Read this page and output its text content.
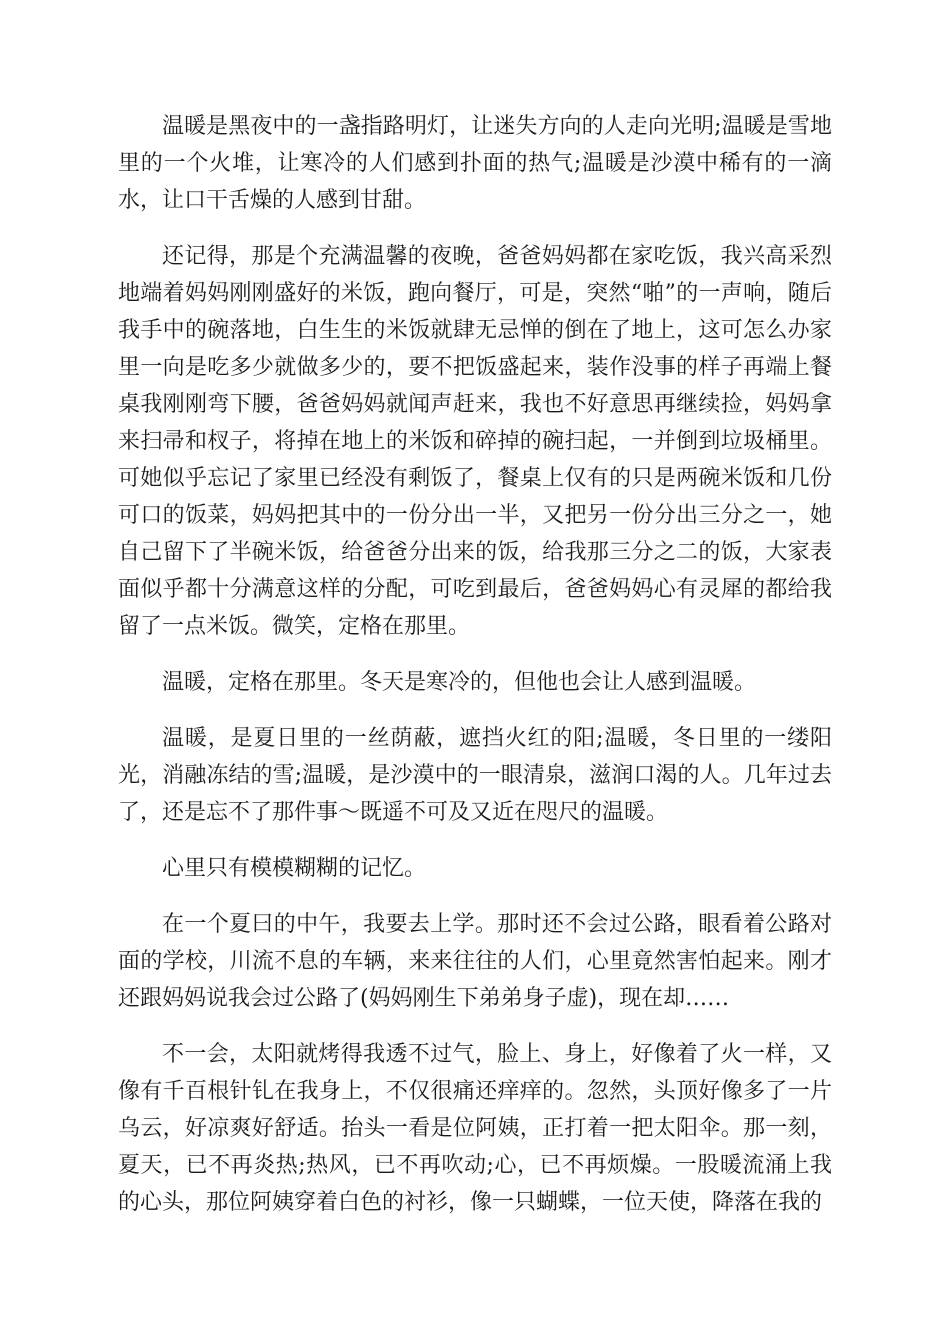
温暖是黑夜中的一盏指路明灯，让迷失方向的人走向光明;温暖是雪地里的一个火堆，让寒冷的人们感到扑面的热气;温暖是沙漠中稀有的一滴水，让口干舌燥的人感到甘甜。

还记得，那是个充满温馨的夜晚，爸爸妈妈都在家吃饭，我兴高采烈地端着妈妈刚刚盛好的米饭，跑向餐厅，可是，突然“啪”的一声响，随后我手中的碗落地，白生生的米饭就肆无忌惮的倒在了地上，这可怎么办家里一向是吃多少就做多少的，要不把饭盛起来，装作没事的样子再端上餐桌我刚刚弯下腰，爸爸妈妈就闻声赶来，我也不好意思再继续捡，妈妈拿来扫帚和杈子，将掉在地上的米饭和碎掉的碗扫起，一并倒到垃圾桶里。可她似乎忘记了家里已经没有剩饭了，餐桌上仅有的只是两碗米饭和几份可口的饭菜，妈妈把其中的一份分出一半，又把另一份分出三分之一，她自己留下了半碗米饭，给爸爸分出来的饭，给我那三分之二的饭，大家表面似乎都十分满意这样的分配，可吃到最后，爸爸妈妈心有灵犀的都给我留了一点米饭。微笑，定格在那里。

温暖，定格在那里。冬天是寒冷的，但他也会让人感到温暖。

温暖，是夏日里的一丝荫蔽，遮挡火红的阳;温暖，冬日里的一缕阳光，消融冻结的雪;温暖，是沙漠中的一眼清泉，滋润口渴的人。几年过去了，还是忘不了那件事～既遥不可及又近在咫尺的温暖。

心里只有模模糊糊的记忆。

在一个夏曰的中午，我要去上学。那时还不会过公路，眼看着公路对面的学校，川流不息的车辆，来来往往的人们，心里竟然害怕起来。刚才还跟妈妈说我会过公路了(妈妈刚生下弟弟身子虚)，现在却……

不一会，太阳就烤得我透不过气，脸上、身上，好像着了火一样，又像有千百根针钆在我身上，不仅很痛还痒痒的。忽然，头顶好像多了一片乌云，好凉爽好舒适。抬头一看是位阿姨，正打着一把太阳伞。那一刻，夏天，已不再炎热;热风，已不再吹动;心，已不再烦燥。一股暖流涌上我的心头，那位阿姨穿着白色的衬衫，像一只蝴蝶，一位天使，降落在我的
